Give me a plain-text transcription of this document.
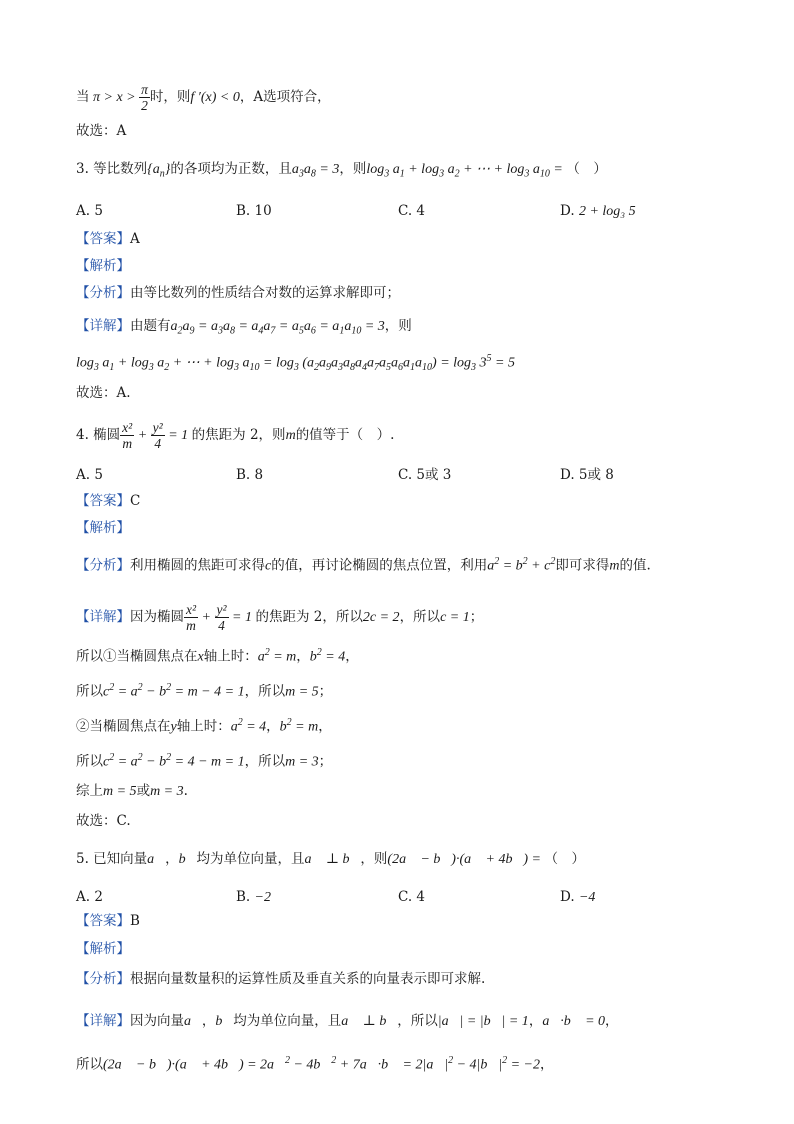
当 $\pi > x > \frac{\pi}{2}$ 时，则f ′(x) < 0，A选项符合，
故选：A
3. 等比数列$\{a_n\}$的各项均为正数，且$a_3a_8 = 3$，则$\log_3 a_1 + \log_3 a_2$ + ⋯ + $\log_3 a_{10}$ = （　）
【答案】A
【解析】
【分析】由等比数列的性质结合对数的运算求解即可；
【详解】由题有$a_2a_9 = a_3a_8 = a_4a_7 = a_5a_6 = a_1a_{10} = 3$，则
$\log_3 a_1 + \log_3 a_2$ + ⋯ + $\log_3 a_{10} = \log_3 (a_2a_9a_3a_8a_4a_7a_5a_6a_1a_{10}) = \log_3 3^5 = 5$
故选：A.
4. 椭圆 $\frac{\text{x²}}{m} + \frac{\text{y²}}{4} = 1$ 的焦距为 2，则m的值等于（　）.
【答案】C
【解析】
【分析】利用椭圆的焦距可求得c的值，再讨论椭圆的焦点位置，利用$a^2 = b^2 + c^2$即可求得m的值.
【详解】因为椭圆 $\frac{\text{x²}}{m} + \frac{\text{y²}}{4} = 1$ 的焦距为 2，所以2c = 2，所以c = 1；
所以①当椭圆焦点在x轴上时：$a^2 = m$，$b^2 = 4$，
所以$c^2 = a^2 - b^2 = m - 4 = 1$，所以m = 5；
②当椭圆焦点在y轴上时：$a^2 = 4$，$b^2 = m$，
所以$c^2 = a^2 - b^2 = 4 - m = 1$，所以m = 3；
综上m = 5或m = 3.
故选：C.
5. 已知向量a⃗，b⃗均为单位向量，且a⃗ ⊥ b⃗，则(2a⃗ − b⃗)·(a⃗ + 4b⃗) = （　）
【答案】B
【解析】
【分析】根据向量数量积的运算性质及垂直关系的向量表示即可求解.
【详解】因为向量a⃗，b⃗均为单位向量，且a⃗ ⊥ b⃗，所以|a⃗| = |b⃗| = 1，a⃗·b⃗ = 0，
所以(2a⃗ − b⃗)·(a⃗ + 4b⃗) = 2a⃗$^2$ − 4b⃗$^2$ + 7a⃗·b⃗ = $2|a⃗|^2$ − $4|b⃗|^2 = -2$，
A. 5	B. 10	C. 4	D. 2 + log₃ 5
A. 5	B. 8	C. 5或 3	D. 5或 8
A. 2	B. −2	C. 4	D. −4
